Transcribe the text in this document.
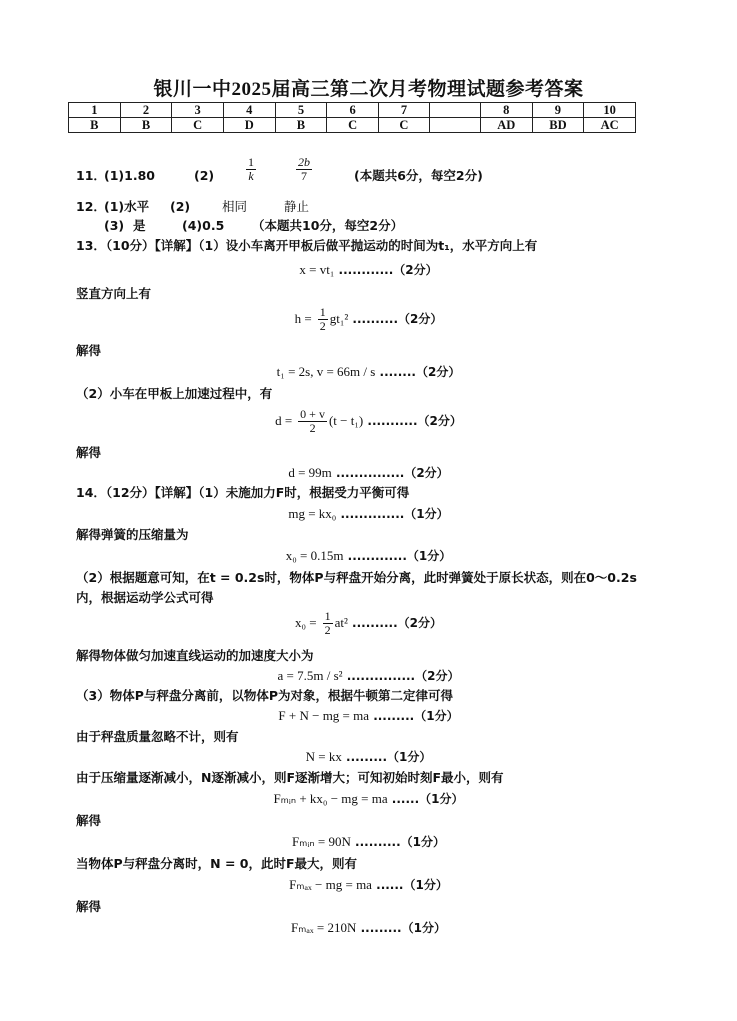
银川一中2025届高三第二次月考物理试题参考答案
1	2	3	4	5	6	7		8	9	10
B	B	C	D	B	C	C		AD	BD	AC
11．
(1)1.80	(2)	$\frac{1}{k}$	$\frac{2b}{7}$	(本题共6分，每空2分)
12．
(1)水平 (2)	相同	静止
(3) 是	(4)0.5 （本题共10分，每空2分）
13．（10分）【详解】（1）设小车离开甲板后做平抛运动的时间为t₁，水平方向上有
x = vt₁ ............（2分）
竖直方向上有
$h = \frac{1}{2} gt_1^2$ ..........（2分）
解得
t₁ = 2s, v = 66m / s ........（2分）
（2）小车在甲板上加速过程中，有
$d = \frac{0 + v}{2} (t - t_1)$ ...........（2分）
解得
d = 99m ...............（2分）
14．（12分）【详解】（1）未施加力F时，根据受力平衡可得
mg = kx₀ ..............（1分）
解得弹簧的压缩量为
x₀ = 0.15m .............（1分）
（2）根据题意可知，在t = 0.2s时，物体P与秤盘开始分离，此时弹簧处于原长状态，则在0～0.2s
内，根据运动学公式可得
$x_0 = \frac{1}{2} at^2$ ..........（2分）
解得物体做匀加速直线运动的加速度大小为
a = 7.5m / s² ...............（2分）
（3）物体P与秤盘分离前，以物体P为对象，根据牛顿第二定律可得
F + N − mg = ma .........（1分）
由于秤盘质量忽略不计，则有
N = kx .........（1分）
由于压缩量逐渐减小，N逐渐减小，则F逐渐增大；可知初始时刻F最小，则有
Fₘᵢₙ + kx₀ − mg = ma ......（1分）
解得
Fₘᵢₙ = 90N ..........（1分）
当物体P与秤盘分离时，N = 0，此时F最大，则有
Fₘₐₓ − mg = ma ......（1分）
解得
Fₘₐₓ = 210N .........（1分）
